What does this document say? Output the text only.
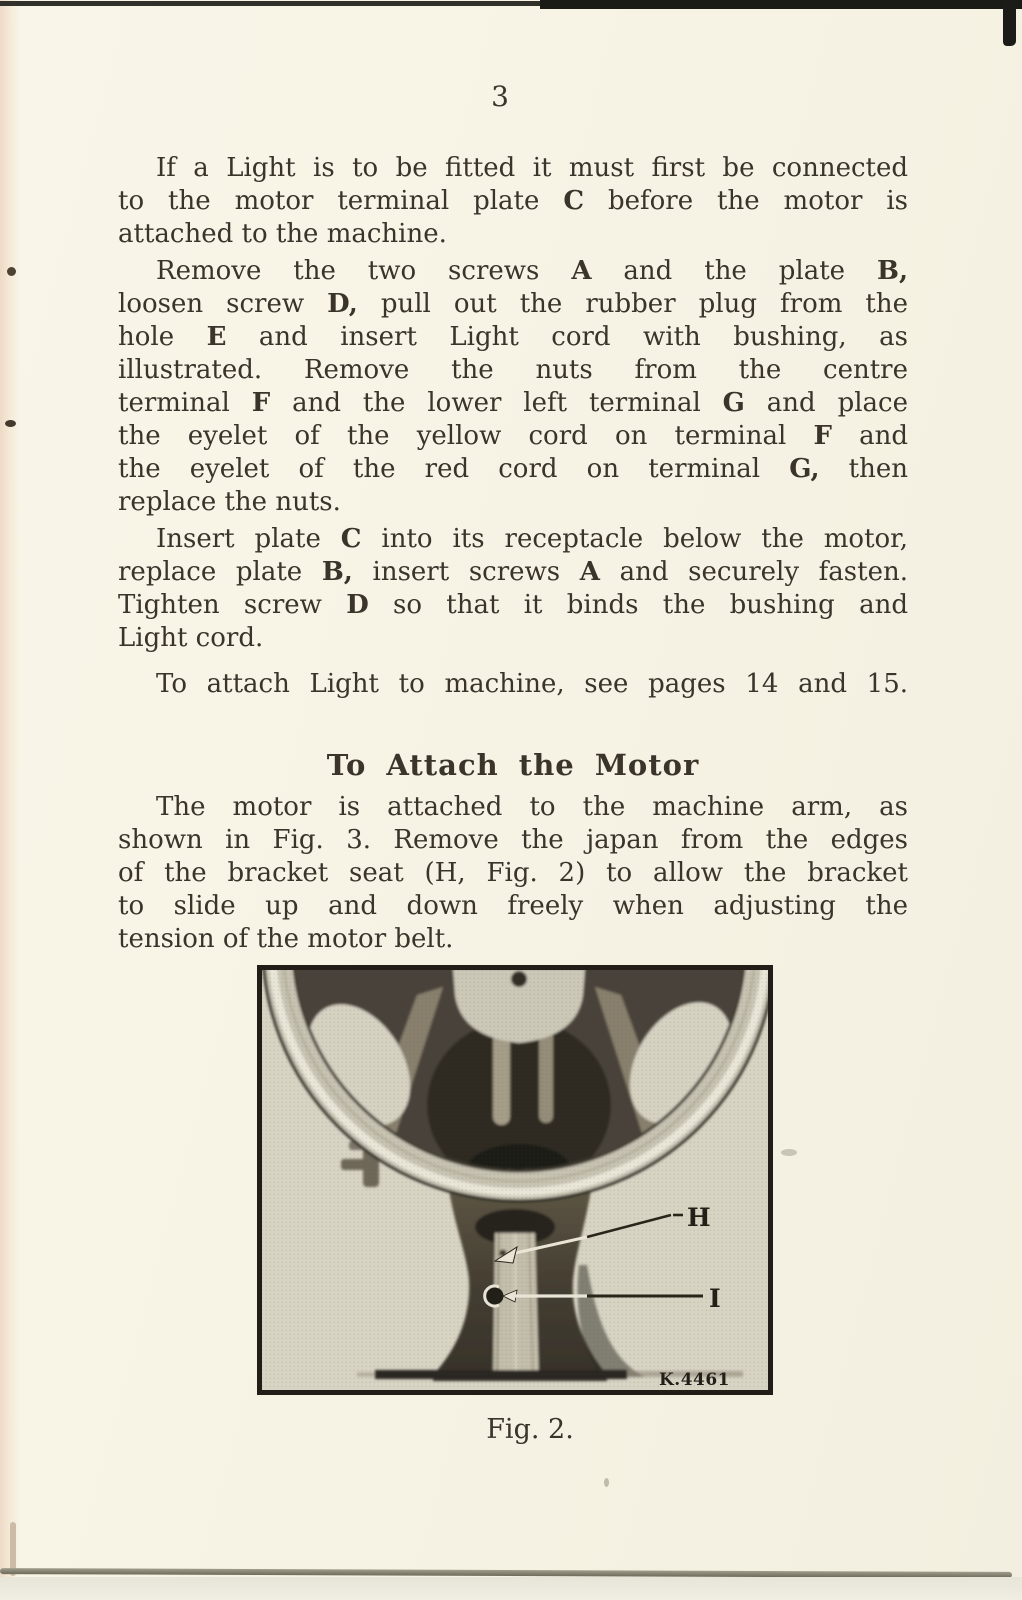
3
If a Light is to be fitted it must first be connected
to the motor terminal plate C before the motor is
attached to the machine.
Remove the two screws A and the plate B,
loosen screw D, pull out the rubber plug from the
hole E and insert Light cord with bushing, as
illustrated. Remove the nuts from the centre
terminal F and the lower left terminal G and place
the eyelet of the yellow cord on terminal F and
the eyelet of the red cord on terminal G, then
replace the nuts.
Insert plate C into its receptacle below the motor,
replace plate B, insert screws A and securely fasten.
Tighten screw D so that it binds the bushing and
Light cord.
To attach Light to machine, see pages 14 and 15.
To Attach the Motor
The motor is attached to the machine arm, as
shown in Fig. 3. Remove the japan from the edges
of the bracket seat (H, Fig. 2) to allow the bracket
to slide up and down freely when adjusting the
tension of the motor belt.
H
I
K.4461
Fig. 2.
